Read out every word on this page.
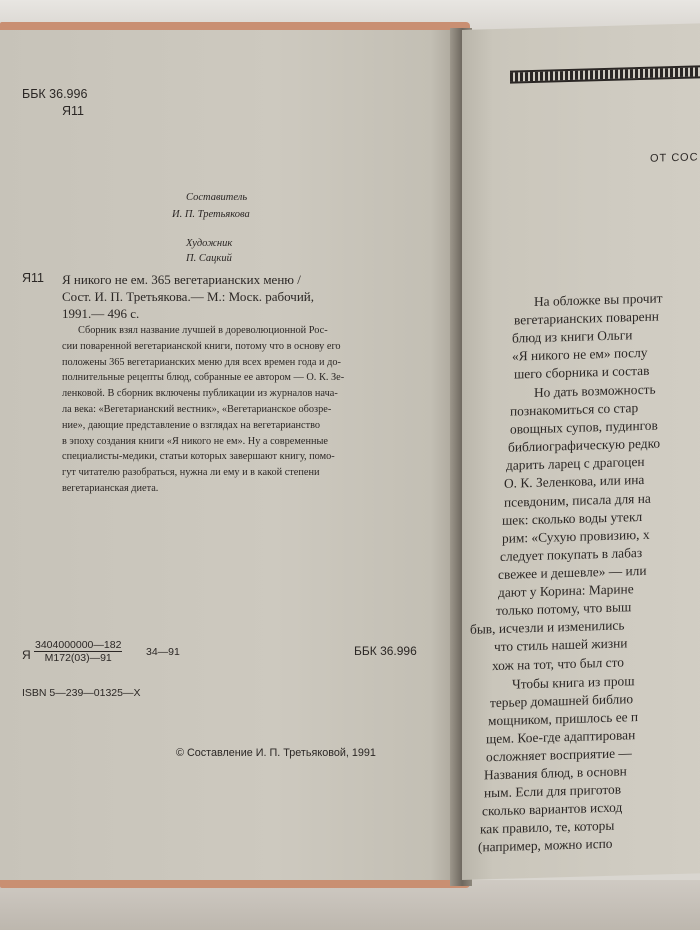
ББК 36.996
Я11
Составитель
И. П. Третьякова
Художник
П. Сацкий
Я11 Я никого не ем. 365 вегетарианских меню /
Сост. И. П. Третьякова.— М.: Моск. рабочий,
1991.— 496 с.
Сборник взял название лучшей в дореволюционной Рос-
сии поваренной вегетарианской книги, потому что в основу его
положены 365 вегетарианских меню для всех времен года и до-
полнительные рецепты блюд, собранные ее автором — О. К. Зе-
ленковой. В сборник включены публикации из журналов нача-
ла века: «Вегетарианский вестник», «Вегетарианское обозре-
ние», дающие представление о взглядах на вегетарианство
в эпоху создания книги «Я никого не ем». Ну а современные
специалисты-медики, статьи которых завершают книгу, помо-
гут читателю разобраться, нужна ли ему и в какой степени
вегетарианская диета.
Я $\frac{3404000000—182}{М172(03)—91}$ 34—91	ББК 36.996
ISBN 5—239—01325—X
© Составление И. П. Третьяковой, 1991
ОТ СОС
На обложке вы прочит
вегетарианских поваренн
блюд из книги Ольги
«Я никого не ем» послу
шего сборника и состав
Но дать возможность
познакомиться со стар
овощных супов, пудингов
библиографическую редко
дарить ларец с драгоцен
О. К. Зеленкова, или ина
псевдоним, писала для на
шек: сколько воды утекл
рим: «Сухую провизию, х
следует покупать в лабаз
свежее и дешевле» — или
дают у Корина: Марине
только потому, что выш
быв, исчезли и изменились
что стиль нашей жизни
хож на тот, что был сто
Чтобы книга из прош
терьер домашней библио
мощником, пришлось ее п
щем. Кое-где адаптирован
осложняет восприятие —
Названия блюд, в основн
ным. Если для приготов
сколько вариантов исход
как правило, те, которы
(например, можно испо
